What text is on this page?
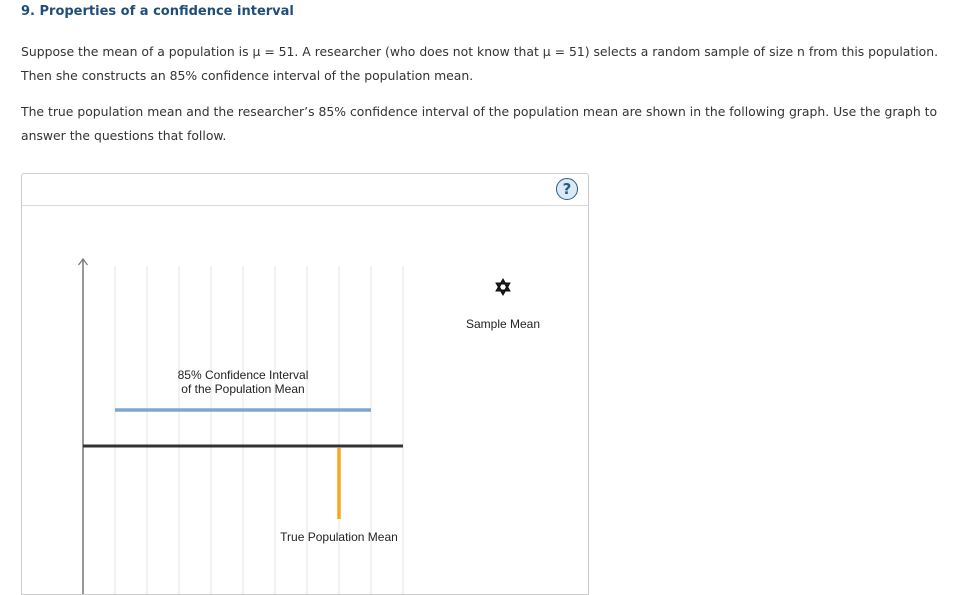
9. Properties of a confidence interval
Suppose the mean of a population is μ = 51. A researcher (who does not know that μ = 51) selects a random sample of size n from this population. Then she constructs an 85% confidence interval of the population mean.
The true population mean and the researcher’s 85% confidence interval of the population mean are shown in the following graph. Use the graph to answer the questions that follow.
?
85% Confidence Interval
of the Population Mean
True Population Mean
Sample Mean
